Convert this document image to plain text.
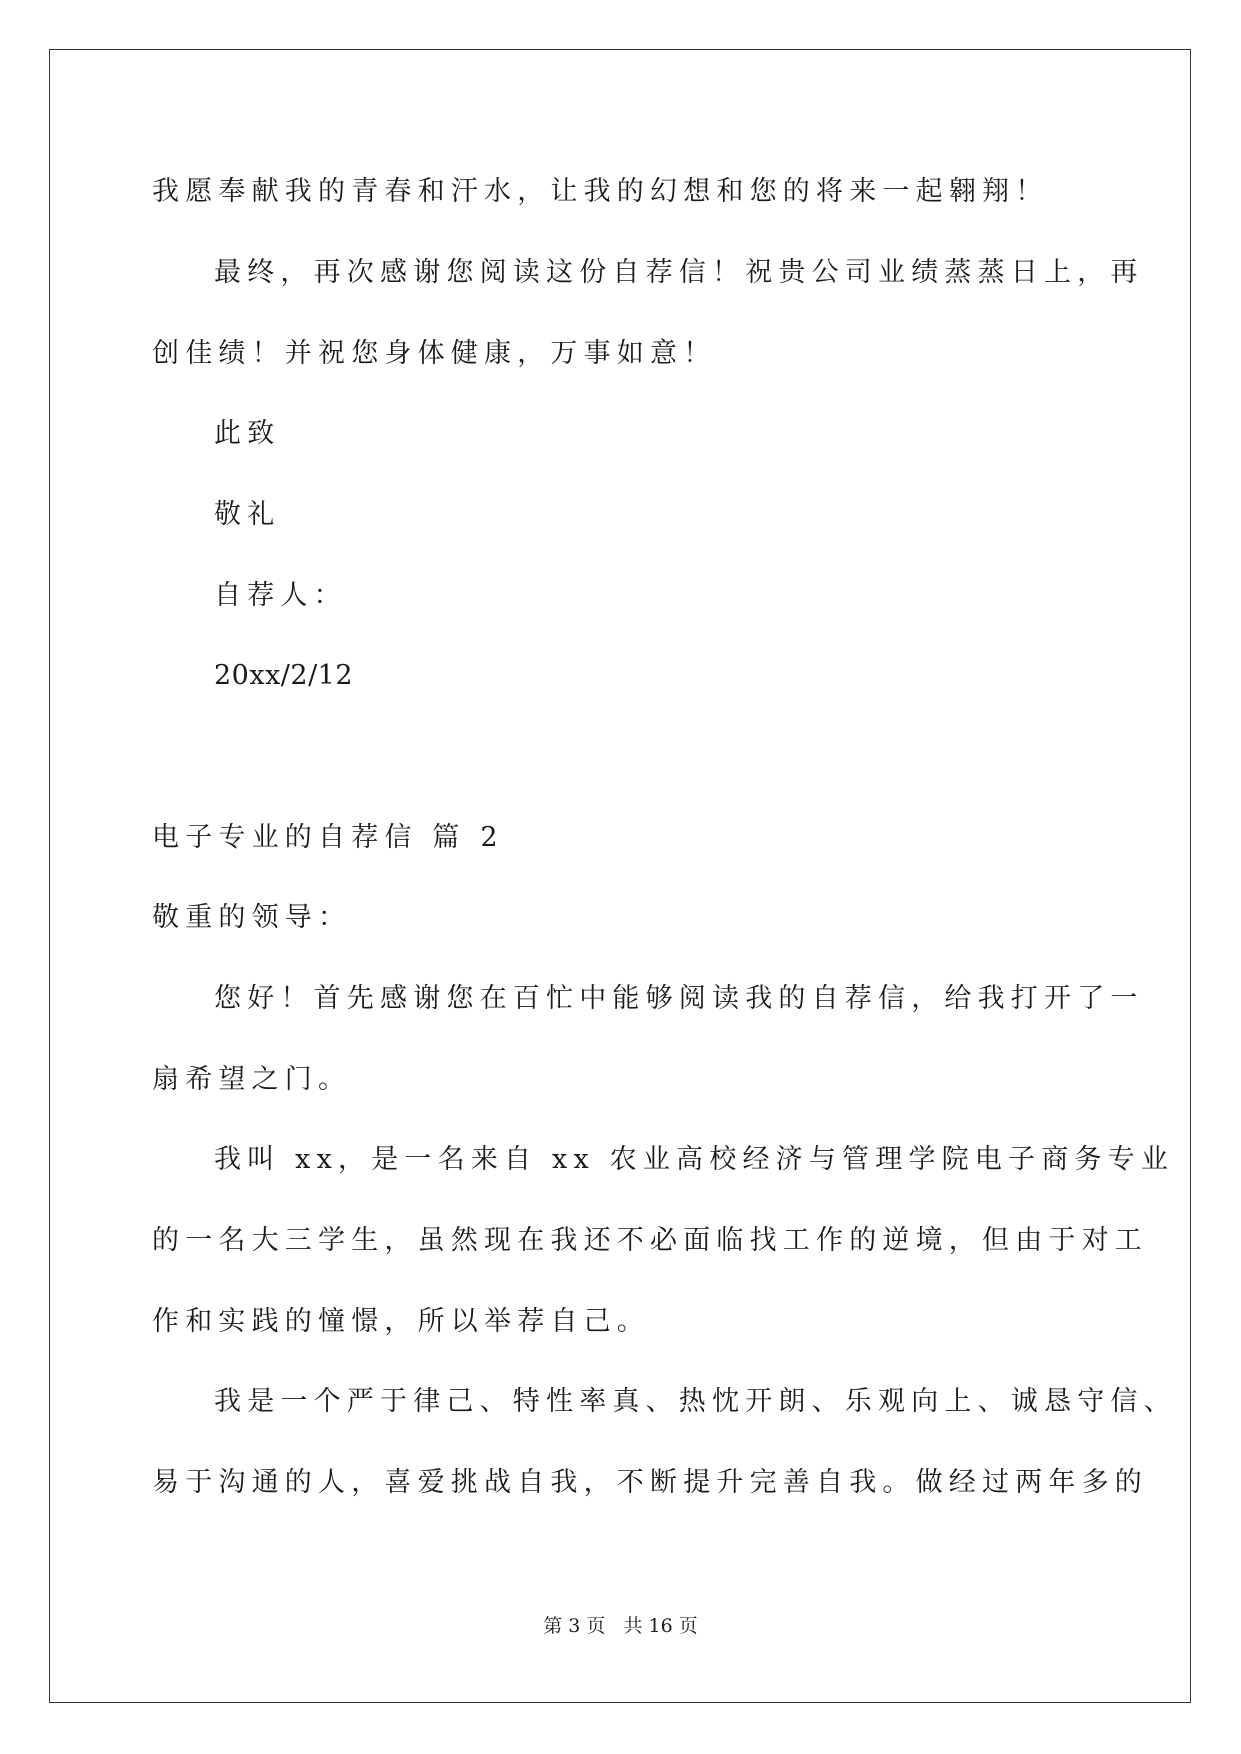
我愿奉献我的青春和汗水，让我的幻想和您的将来一起翱翔！
最终，再次感谢您阅读这份自荐信！祝贵公司业绩蒸蒸日上，再
创佳绩！并祝您身体健康，万事如意！
此致
敬礼
自荐人：
20xx/2/12
电子专业的自荐信 篇 2
敬重的领导：
您好！首先感谢您在百忙中能够阅读我的自荐信，给我打开了一
扇希望之门。
我叫 xx，是一名来自 xx 农业高校经济与管理学院电子商务专业
的一名大三学生，虽然现在我还不必面临找工作的逆境，但由于对工
作和实践的憧憬，所以举荐自己。
我是一个严于律己、特性率真、热忱开朗、乐观向上、诚恳守信、
易于沟通的人，喜爱挑战自我，不断提升完善自我。做经过两年多的
第 3 页 共 16 页
